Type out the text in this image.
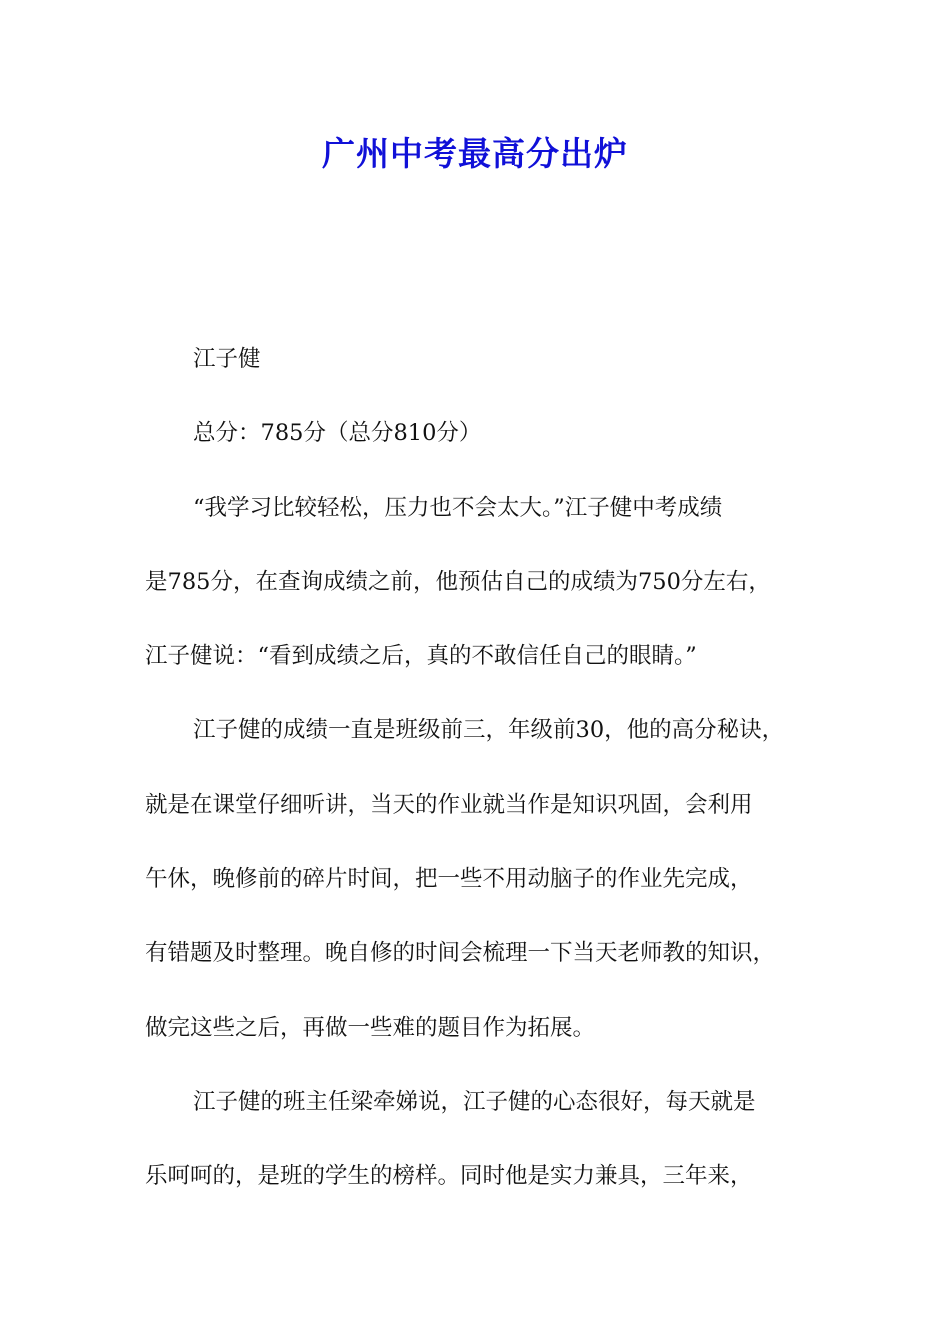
广州中考最高分出炉
江子健
总分：785分（总分810分）
“我学习比较轻松，压力也不会太大。”江子健中考成绩
是785分，在查询成绩之前，他预估自己的成绩为750分左右，
江子健说：“看到成绩之后，真的不敢信任自己的眼睛。”
江子健的成绩一直是班级前三，年级前30，他的高分秘诀，
就是在课堂仔细听讲，当天的作业就当作是知识巩固，会利用
午休，晚修前的碎片时间，把一些不用动脑子的作业先完成，
有错题及时整理。晚自修的时间会梳理一下当天老师教的知识，
做完这些之后，再做一些难的题目作为拓展。
江子健的班主任梁牵娣说，江子健的心态很好，每天就是
乐呵呵的，是班的学生的榜样。同时他是实力兼具，三年来，
